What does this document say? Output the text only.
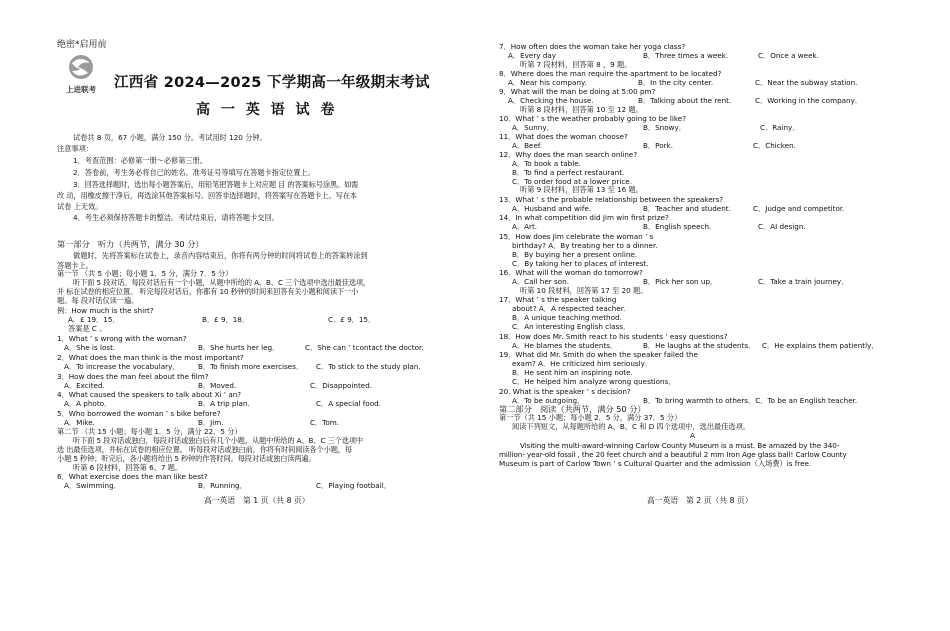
绝密*启用前
上进联考 江西省 2024—2025 下学期高一年级期末考试
高 一 英 语 试 卷
试卷共 8 页，67 小题，满分 150 分。考试用时 120 分钟。
注意事项：
1．考查范围：必修第一册～必修第三册。
2．答卷前，考生务必将自己的姓名、准考证号等填写在答题卡指定位置上。
3．回答选择题时，选出每小题答案后，用铅笔把答题卡上对应题 目 的答案标号涂黑。如需
改 动，用橡皮擦干净后，再选涂其他答案标号。回答非选择题时，将答案写在答题卡上。写在本
试卷 上无效。
4．考生必须保持答题卡的整洁。考试结束后，请将答题卡交回。
第一部分　听力（共两节，满分 30 分）
做题时，先将答案标在试卷上，录音内容结束后，你将有两分钟的时间将试卷上的答案转涂到
答题卡上。
第一节 （共 5 小题；每小题 1．5 分，满分 7．5 分）
听下面 5 段对话。每段对话后有一个小题，从题中所给的 A、B、C 三个选项中选出最佳选项，
并 标在试卷的相应位置。 听完每段对话后，你都有 10 秒钟的时间来回答有关小题和阅读下一小
题。每 段对话仅读一遍。
例：How much is the shirt?
A．£ 19．15．	B．£ 9．18．	C．£ 9．15．
答案是 C 。
1．What ’ s wrong with the woman?
A．She is lost.	B．She hurts her leg．	C．She can ’ tcontact the doctor.
2．What does the man think is the most important?
A．To increase the vocabulary．	B．To finish more exercises． C．To stick to the study plan.
3．How does the man feel about the film?
A．Excited.	B．Moved.	C．Disappointed.
4．What caused the speakers to talk about Xi ’ an?
A．A photo．	B．A trip plan.	C．A special food.
5．Who borrowed the woman ’ s bike before?
A．Mike.	B．Jim.	C．Tom.
第二节 （共 15 小题；每小题 1．5 分，满分 22．5 分）
听下面 5 段对话或独白，每段对话或独白后有几个小题，从题中所给的 A、B、C 三个选项中
选 出最佳选项，并标在试卷的相应位置。 听每段对话或独白前，你将有时间阅读各个小题，每
小题 5 秒钟；听完后，各小题将给出 5 秒钟的作答时间。每段对话或独白读两遍。
听第 6 段材料，回答第 6、7 题。
6．What exercise does the man like best?
A．Swimming．	B．Running．	C．Playing football．
高一英语　第 1 页（共 8 页）
7．How often does the woman take her yoga class?
A．Every day	B．Three times a week.	C．Once a week.
听第 7 段材料，回答第 8 ，9 题。
8．Where does the man require the apartment to be located?
A．Near his company.	B．In the city center.	C．Near the subway station.
9．What will the man be doing at 5:00 pm?
A．Checking the house.	B．Talking about the rent.	C．Working in the company．
听第 8 段材料，回答第 10 至 12 题。
10．What ’ s the weather probably going to be like?
A．Sunny．	B．Snowy．	C．Rainy．
11．What does the woman choose?
A．Beef.	B．Pork.	C．Chicken.
12．Why does the man search online?
A．To book a table.
B．To find a perfect restaurant.
C．To order food at a lower price.
听第 9 段材料，回答第 13 至 16 题。
13．What ’ s the probable relationship between the speakers?
A．Husband and wife.	B．Teacher and student.	C．Judge and competitor.
14．In what competition did Jim win first prize?
A．Art.	B．English speech.	C．AI design.
15．How does Jim celebrate the woman ’ s
birthday? A．By treating her to a dinner.
B．By buying her a present online.
C．By taking her to places of interest.
16．What will the woman do tomorrow?
A．Call her son.	B．Pick her son up．	C．Take a train journey．
听第 10 段材料，回答第 17 至 20 题。
17．What ’ s the speaker talking
about? A．A respected teacher.
B．A unique teaching method.
C．An interesting English class．
18．How does Mr. Smith react to his students ’ easy questions?
A．He blames the students．	B．He laughs at the students． C．He explains them patiently．
19．What did Mr. Smith do when the speaker failed the
exam? A．He criticized him seriously．
B．He sent him an inspiring note.
C．He helped him analyze wrong questions．
20. What is the speaker ’ s decision?
A．To be outgoing．	B．To bring warmth to others．C．To be an English teacher.
第二部分　阅读（共两节，满分 50 分）
第一节（共 15 小题；每小题 2．5 分，满分 37．5 分）
阅读下列短文，从每题所给的 A、B、C 和 D 四个选项中，选出最佳选项。
A
Visiting the multi-award-winning Carlow County Museum is a must. Be amazed by the 340-
million- year-old fossil , the 20 feet church and a beautiful 2 mm Iron Age glass ball! Carlow County
Museum is part of Carlow Town ’ s Cultural Quarter and the admission（入场费）is free.
高一英语　第 2 页（共 8 页）
